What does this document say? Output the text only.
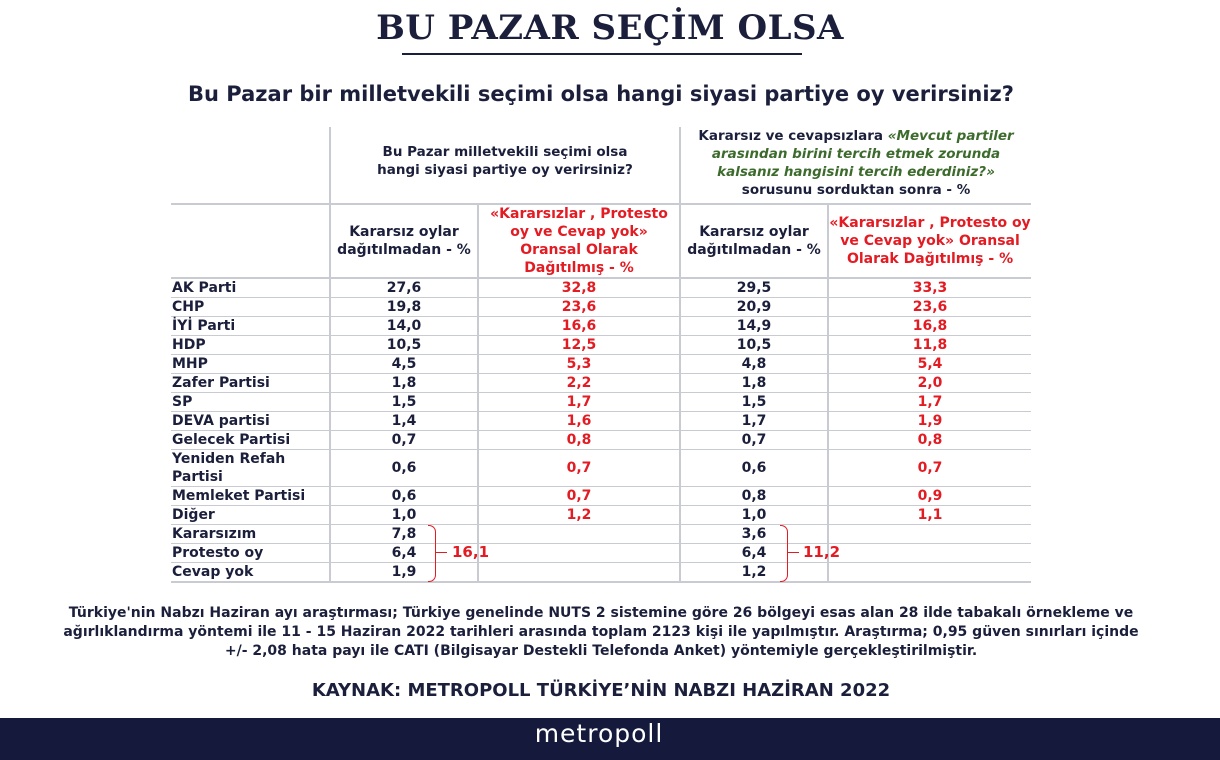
BU PAZAR SEÇİM OLSA
Bu Pazar bir milletvekili seçimi olsa hangi siyasi partiye oy verirsiniz?

	Bu Pazar milletvekili seçimi olsa hangi siyasi partiye oy verirsiniz?		Kararsız ve cevapsızlara «Mevcut partiler arasından birini tercih etmek zorunda kalsanız hangisini tercih ederdiniz?» sorusunu sorduktan sonra - %	

	Kararsız oylar dağıtılmadan - %	«Kararsızlar , Protesto oy ve Cevap yok» Oransal Olarak Dağıtılmış - %	Kararsız oylar dağıtılmadan - %	«Kararsızlar , Protesto oy ve Cevap yok» Oransal Olarak Dağıtılmış - %
AK Parti	27,6	32,8	29,5	33,3
CHP	19,8	23,6	20,9	23,6
İYİ Parti	14,0	16,6	14,9	16,8
HDP	10,5	12,5	10,5	11,8
MHP	4,5	5,3	4,8	5,4
Zafer Partisi	1,8	2,2	1,8	2,0
SP	1,5	1,7	1,5	1,7
DEVA partisi	1,4	1,6	1,7	1,9
Gelecek Partisi	0,7	0,8	0,7	0,8
Yeniden Refah Partisi	0,6	0,7	0,6	0,7
Memleket Partisi	0,6	0,7	0,8	0,9
Diğer	1,0	1,2	1,0	1,1
Kararsızım	7,8		3,6	
Protesto oy	6,4		6,4	
Cevap yok	1,9		1,2	
16,1	11,2
Türkiye'nin Nabzı Haziran ayı araştırması; Türkiye genelinde NUTS 2 sistemine göre 26 bölgeyi esas alan 28 ilde tabakalı örnekleme ve ağırlıklandırma yöntemi ile 11 - 15 Haziran 2022 tarihleri arasında toplam 2123 kişi ile yapılmıştır. Araştırma; 0,95 güven sınırları içinde +/- 2,08 hata payı ile CATI (Bilgisayar Destekli Telefonda Anket) yöntemiyle gerçekleştirilmiştir.
KAYNAK: METROPOLL TÜRKİYE’NİN NABZI HAZİRAN 2022
metropoll
